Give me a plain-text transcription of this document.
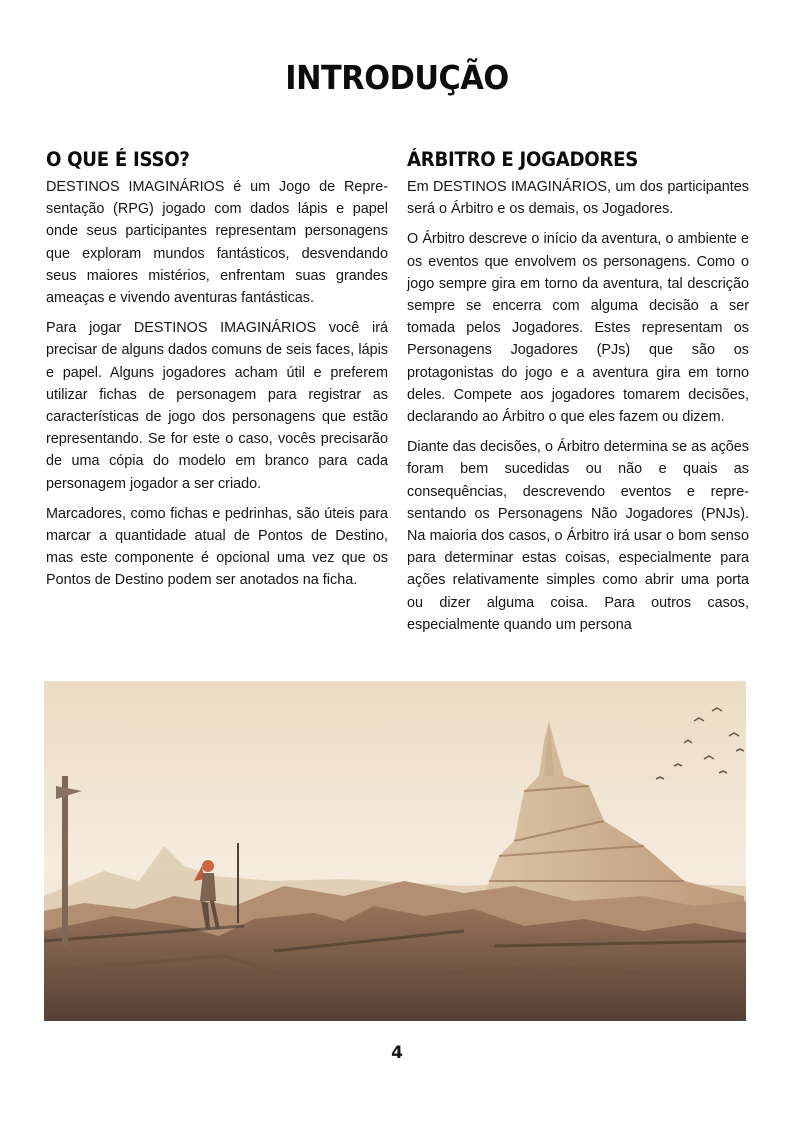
INTRODUÇÃO
O QUE É ISSO?

DESTINOS IMAGINÁRIOS é um Jogo de Representação (RPG) jogado com dados lápis e papel onde seus participantes representam personagens que exploram mundos fantásticos, desvendando seus maiores mistérios, enfrentam suas grandes ameaças e vivendo aventuras fantásticas.

Para jogar DESTINOS IMAGINÁRIOS você irá precisar de alguns dados comuns de seis faces, lápis e papel. Alguns jogadores acham útil e preferem utilizar fichas de personagem para registrar as características de jogo dos personagens que estão representando. Se for este o caso, vocês precisarão de uma cópia do modelo em branco para cada personagem jogador a ser criado.

Marcadores, como fichas e pedrinhas, são úteis para marcar a quantidade atual de Pontos de Destino, mas este componente é opcional uma vez que os Pontos de Destino podem ser anotados na ficha.

ÁRBITRO E JOGADORES

Em DESTINOS IMAGINÁRIOS, um dos participantes será o Árbitro e os demais, os Jogadores.

O Árbitro descreve o início da aventura, o ambiente e os eventos que envolvem os personagens. Como o jogo sempre gira em torno da aventura, tal descrição sempre se encerra com alguma decisão a ser tomada pelos Jogadores. Estes representam os Personagens Jogadores (PJs) que são os protagonistas do jogo e a aventura gira em torno deles. Compete aos jogadores tomarem decisões, declarando ao Árbitro o que eles fazem ou dizem.

Diante das decisões, o Árbitro determina se as ações foram bem sucedidas ou não e quais as consequências, descrevendo eventos e representando os Personagens Não Jogadores (PNJs). Na maioria dos casos, o Árbitro irá usar o bom senso para determinar estas coisas, especialmente para ações relativamente simples como abrir uma porta ou dizer alguma coisa. Para outros casos, especialmente quando um persona

4
